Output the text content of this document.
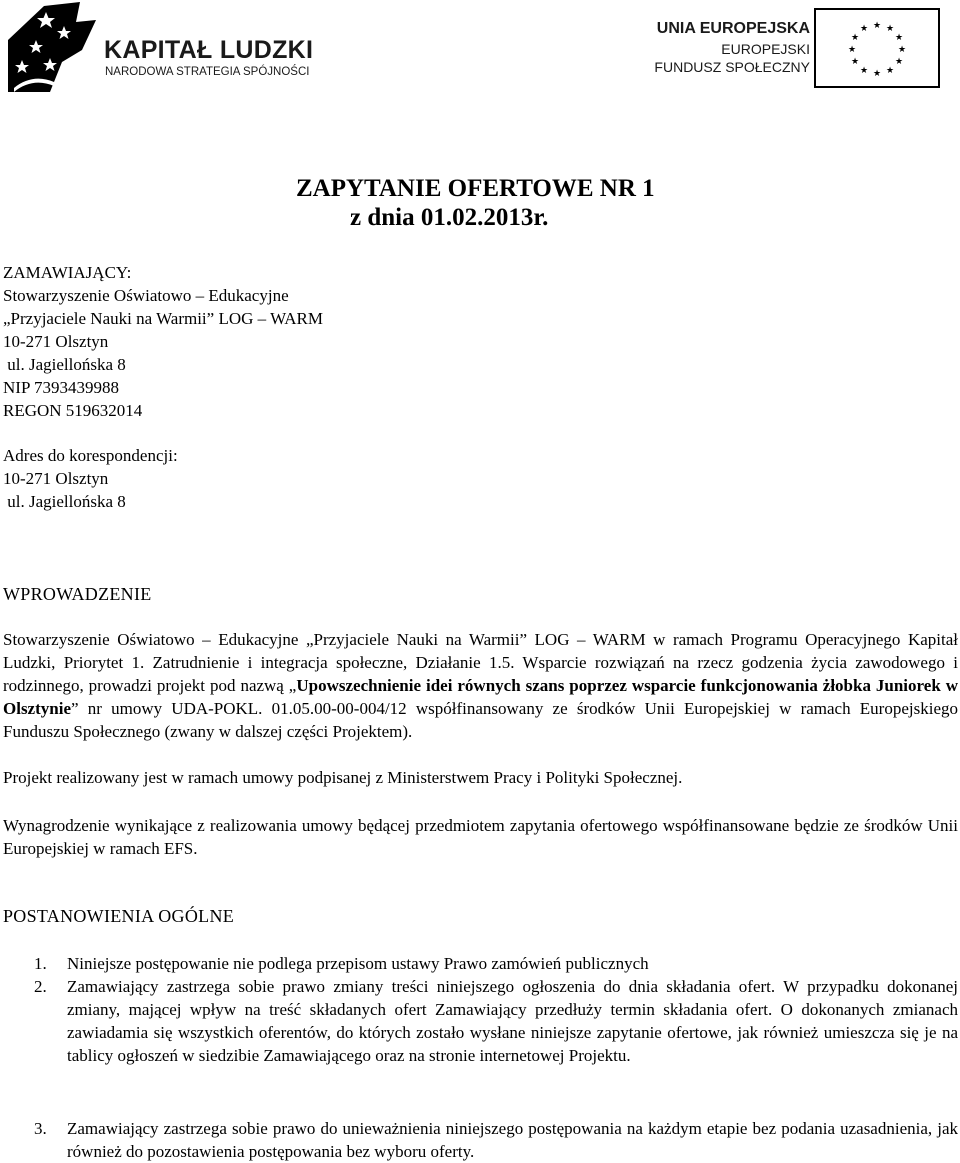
KAPITAŁ LUDZKI
NARODOWA STRATEGIA SPÓJNOŚCI
UNIA EUROPEJSKA
EUROPEJSKI
FUNDUSZ SPOŁECZNY
★ ★
★
★
★
★
★
★
★
★
★
★
ZAPYTANIE OFERTOWE NR 1
z dnia 01.02.2013r.
ZAMAWIAJĄCY:
Stowarzyszenie Oświatowo – Edukacyjne
„Przyjaciele Nauki na Warmii” LOG – WARM
10-271 Olsztyn
ul. Jagiellońska 8
NIP 7393439988
REGON 519632014
Adres do korespondencji:
10-271 Olsztyn
ul. Jagiellońska 8
WPROWADZENIE

Stowarzyszenie Oświatowo – Edukacyjne „Przyjaciele Nauki na Warmii” LOG – WARM w ramach Programu Operacyjnego Kapitał Ludzki, Priorytet 1. Zatrudnienie i integracja społeczne, Działanie 1.5. Wsparcie rozwiązań na rzecz godzenia życia zawodowego i rodzinnego, prowadzi projekt pod nazwą „Upowszechnienie idei równych szans poprzez wsparcie funkcjonowania żłobka Juniorek w Olsztynie” nr umowy UDA-POKL. 01.05.00-00-004/12 współfinansowany ze środków Unii Europejskiej w ramach Europejskiego Funduszu Społecznego (zwany w dalszej części Projektem).

Projekt realizowany jest w ramach umowy podpisanej z Ministerstwem Pracy i Polityki Społecznej.

Wynagrodzenie wynikające z realizowania umowy będącej przedmiotem zapytania ofertowego współfinansowane będzie ze środków Unii Europejskiej w ramach EFS.

POSTANOWIENIA OGÓLNE
1.	Niniejsze postępowanie nie podlega przepisom ustawy Prawo zamówień publicznych
2.	Zamawiający zastrzega sobie prawo zmiany treści niniejszego ogłoszenia do dnia składania ofert. W przypadku dokonanej zmiany, mającej wpływ na treść składanych ofert Zamawiający przedłuży termin składania ofert. O dokonanych zmianach zawiadamia się wszystkich oferentów, do których zostało wysłane niniejsze zapytanie ofertowe, jak również umieszcza się je na tablicy ogłoszeń w siedzibie Zamawiającego oraz na stronie internetowej Projektu.
3.	Zamawiający zastrzega sobie prawo do unieważnienia niniejszego postępowania na każdym etapie bez podania uzasadnienia, jak również do pozostawienia postępowania bez wyboru oferty.
